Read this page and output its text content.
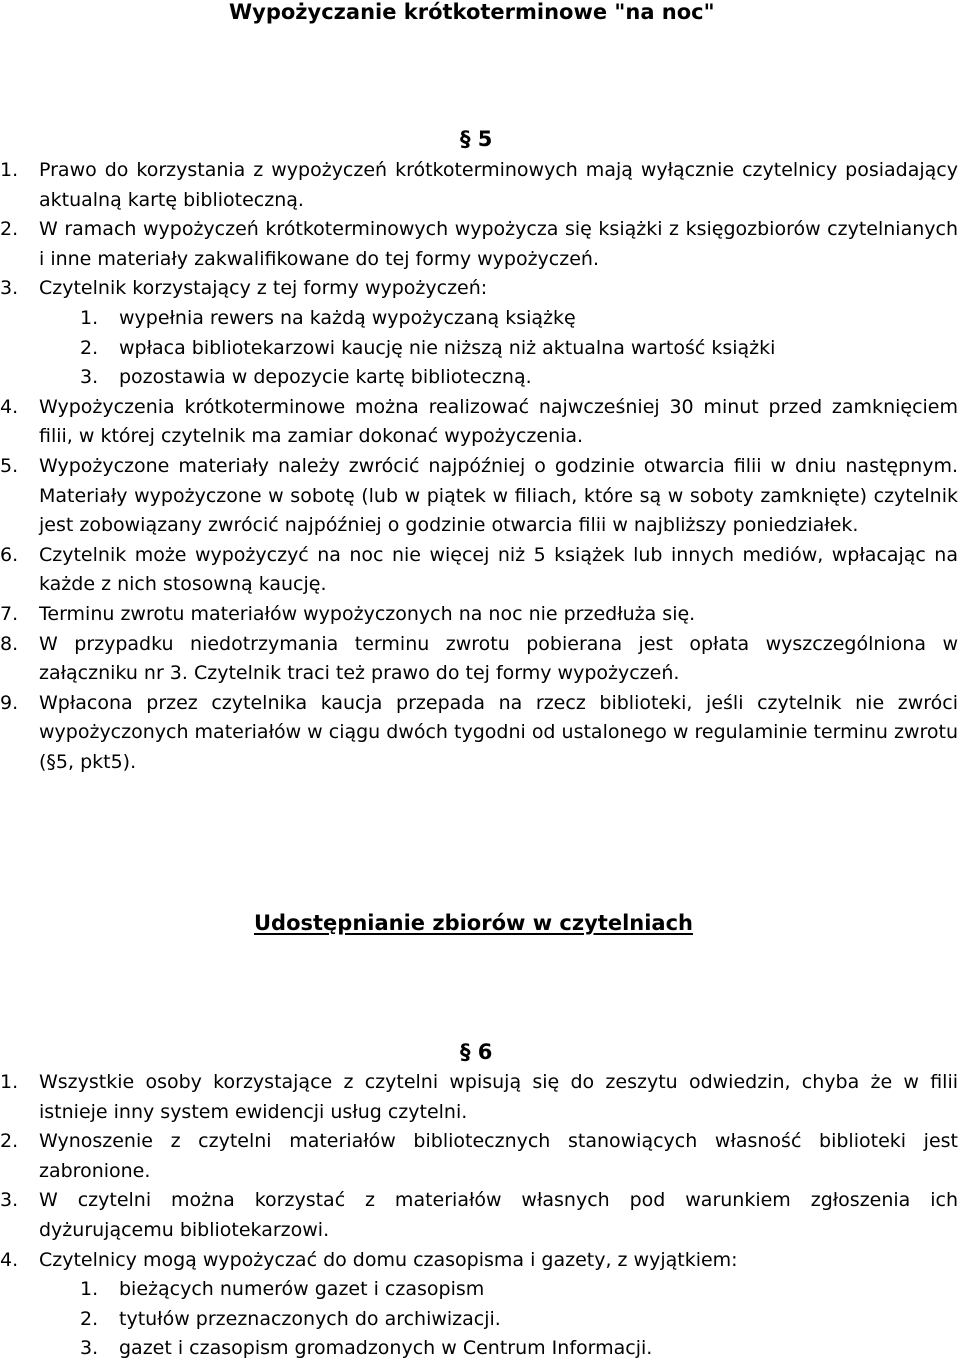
Wypożyczanie krótkoterminowe "na noc"
§ 5
1. Prawo do korzystania z wypożyczeń krótkoterminowych mają wyłącznie czytelnicy posiadający aktualną kartę biblioteczną.
2. W ramach wypożyczeń krótkoterminowych wypożycza się książki z księgozbiorów czytelnianych i inne materiały zakwalifikowane do tej formy wypożyczeń.
3. Czytelnik korzystający z tej formy wypożyczeń:
1. wypełnia rewers na każdą wypożyczaną książkę
2. wpłaca bibliotekarzowi kaucję nie niższą niż aktualna wartość książki
3. pozostawia w depozycie kartę biblioteczną.
4. Wypożyczenia krótkoterminowe można realizować najwcześniej 30 minut przed zamknięciem filii, w której czytelnik ma zamiar dokonać wypożyczenia.
5. Wypożyczone materiały należy zwrócić najpóźniej o godzinie otwarcia filii w dniu następnym. Materiały wypożyczone w sobotę (lub w piątek w filiach, które są w soboty zamknięte) czytelnik jest zobowiązany zwrócić najpóźniej o godzinie otwarcia filii w najbliższy poniedziałek.
6. Czytelnik może wypożyczyć na noc nie więcej niż 5 książek lub innych mediów, wpłacając na każde z nich stosowną kaucję.
7. Terminu zwrotu materiałów wypożyczonych na noc nie przedłuża się.
8. W przypadku niedotrzymania terminu zwrotu pobierana jest opłata wyszczególniona w załączniku nr 3. Czytelnik traci też prawo do tej formy wypożyczeń.
9. Wpłacona przez czytelnika kaucja przepada na rzecz biblioteki, jeśli czytelnik nie zwróci wypożyczonych materiałów w ciągu dwóch tygodni od ustalonego w regulaminie terminu zwrotu (§5, pkt5).
Udostępnianie zbiorów w czytelniach
§ 6
1. Wszystkie osoby korzystające z czytelni wpisują się do zeszytu odwiedzin, chyba że w filii istnieje inny system ewidencji usług czytelni.
2. Wynoszenie z czytelni materiałów bibliotecznych stanowiących własność biblioteki jest zabronione.
3. W czytelni można korzystać z materiałów własnych pod warunkiem zgłoszenia ich dyżurującemu bibliotekarzowi.
4. Czytelnicy mogą wypożyczać do domu czasopisma i gazety, z wyjątkiem:
1. bieżących numerów gazet i czasopism
2. tytułów przeznaczonych do archiwizacji.
3. gazet i czasopism gromadzonych w Centrum Informacji.
